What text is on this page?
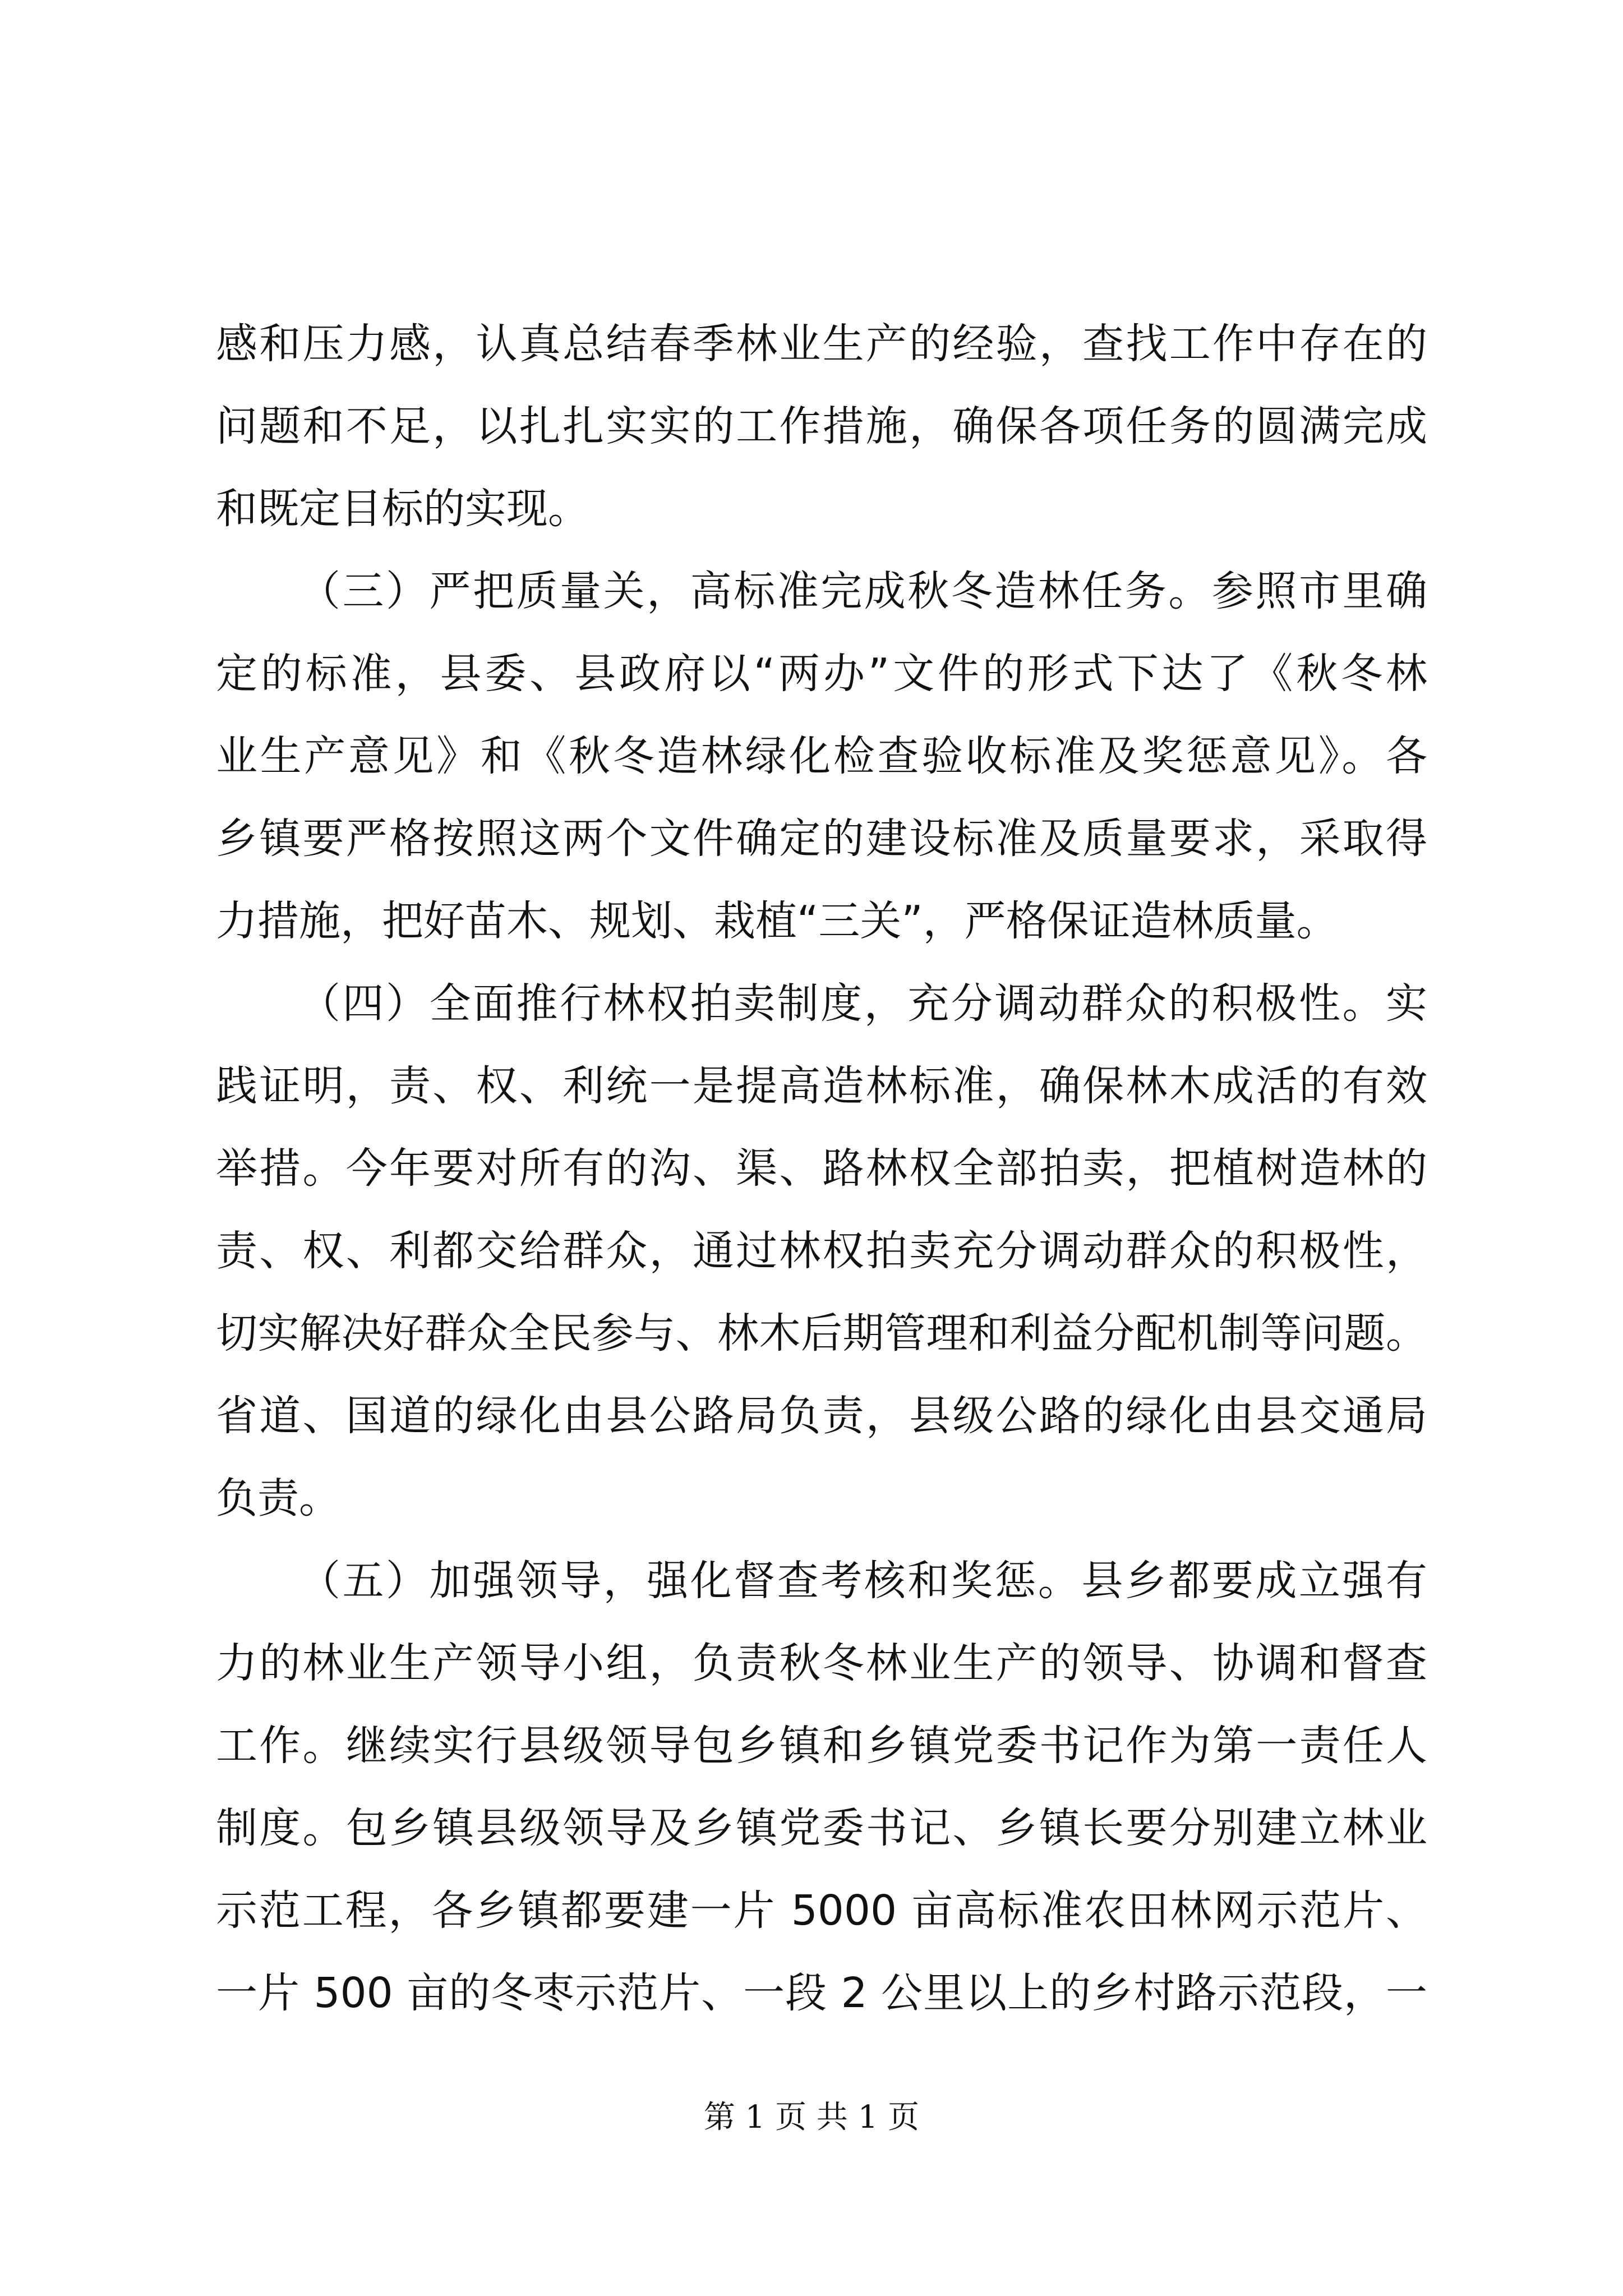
感和压力感，认真总结春季林业生产的经验，查找工作中存在的
问题和不足，以扎扎实实的工作措施，确保各项任务的圆满完成
和既定目标的实现。
（三）严把质量关，高标准完成秋冬造林任务。参照市里确
定的标准，县委、县政府以“两办”文件的形式下达了《秋冬林
业生产意见》和《秋冬造林绿化检查验收标准及奖惩意见》。各
乡镇要严格按照这两个文件确定的建设标准及质量要求，采取得
力措施，把好苗木、规划、栽植“三关”，严格保证造林质量。
（四）全面推行林权拍卖制度，充分调动群众的积极性。实
践证明，责、权、利统一是提高造林标准，确保林木成活的有效
举措。今年要对所有的沟、渠、路林权全部拍卖，把植树造林的
责、权、利都交给群众，通过林权拍卖充分调动群众的积极性，
切实解决好群众全民参与、林木后期管理和利益分配机制等问题。
省道、国道的绿化由县公路局负责，县级公路的绿化由县交通局
负责。
（五）加强领导，强化督查考核和奖惩。县乡都要成立强有
力的林业生产领导小组，负责秋冬林业生产的领导、协调和督查
工作。继续实行县级领导包乡镇和乡镇党委书记作为第一责任人
制度。包乡镇县级领导及乡镇党委书记、乡镇长要分别建立林业
示范工程，各乡镇都要建一片 5000 亩高标准农田林网示范片、
一片 500 亩的冬枣示范片、一段 2 公里以上的乡村路示范段，一
第 1 页 共 1 页
